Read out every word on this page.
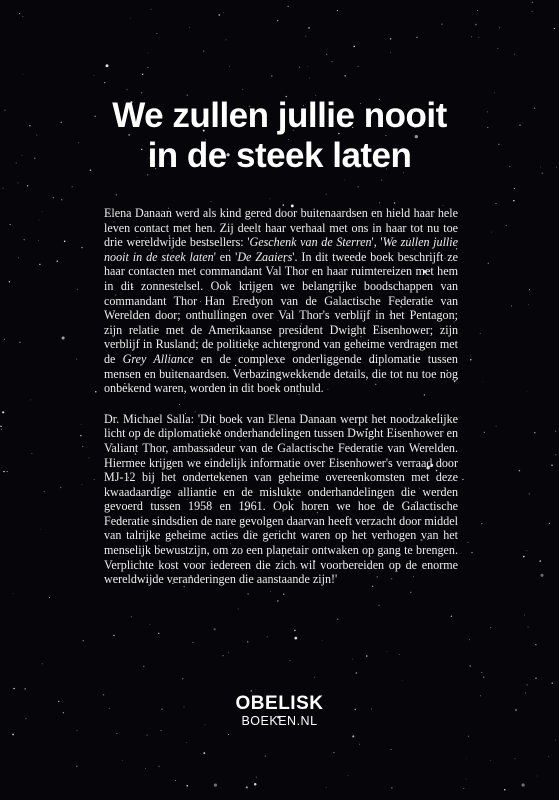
We zullen jullie nooit
in de steek laten

Elena Danaan werd als kind gered door buitenaardsen en hield haar hele leven contact met hen. Zij deelt haar verhaal met ons in haar tot nu toe drie wereldwijde bestsellers: 'Geschenk van de Sterren', 'We zullen jullie nooit in de steek laten' en 'De Zaaiers'. In dit tweede boek beschrijft ze haar contacten met commandant Val Thor en haar ruimtereizen met hem in dit zonnestelsel. Ook krijgen we belangrijke boodschappen van commandant Thor Han Eredyon van de Galactische Federatie van Werelden door; onthullingen over Val Thor's verblijf in het Pentagon; zijn relatie met de Amerikaanse president Dwight Eisenhower; zijn verblijf in Rusland; de politieke achtergrond van geheime verdragen met de Grey Alliance en de complexe onderliggende diplomatie tussen mensen en buitenaardsen. Verbazingwekkende details, die tot nu toe nog onbekend waren, worden in dit boek onthuld.

Dr. Michael Salla: 'Dit boek van Elena Danaan werpt het noodzakelijke licht op de diplomatieke onderhandelingen tussen Dwight Eisenhower en Valiant Thor, ambassadeur van de Galactische Federatie van Werelden. Hiermee krijgen we eindelijk informatie over Eisenhower's verraad door MJ-12 bij het ondertekenen van geheime overeenkomsten met deze kwaadaardige alliantie en de mislukte onderhandelingen die werden gevoerd tussen 1958 en 1961. Ook horen we hoe de Galactische Federatie sindsdien de nare gevolgen daarvan heeft verzacht door middel van talrijke geheime acties die gericht waren op het verhogen van het menselijk bewustzijn, om zo een planetair ontwaken op gang te brengen. Verplichte kost voor iedereen die zich wil voorbereiden op de enorme wereldwijde veranderingen die aanstaande zijn!'

OBELISK
BOEKEN.NL
